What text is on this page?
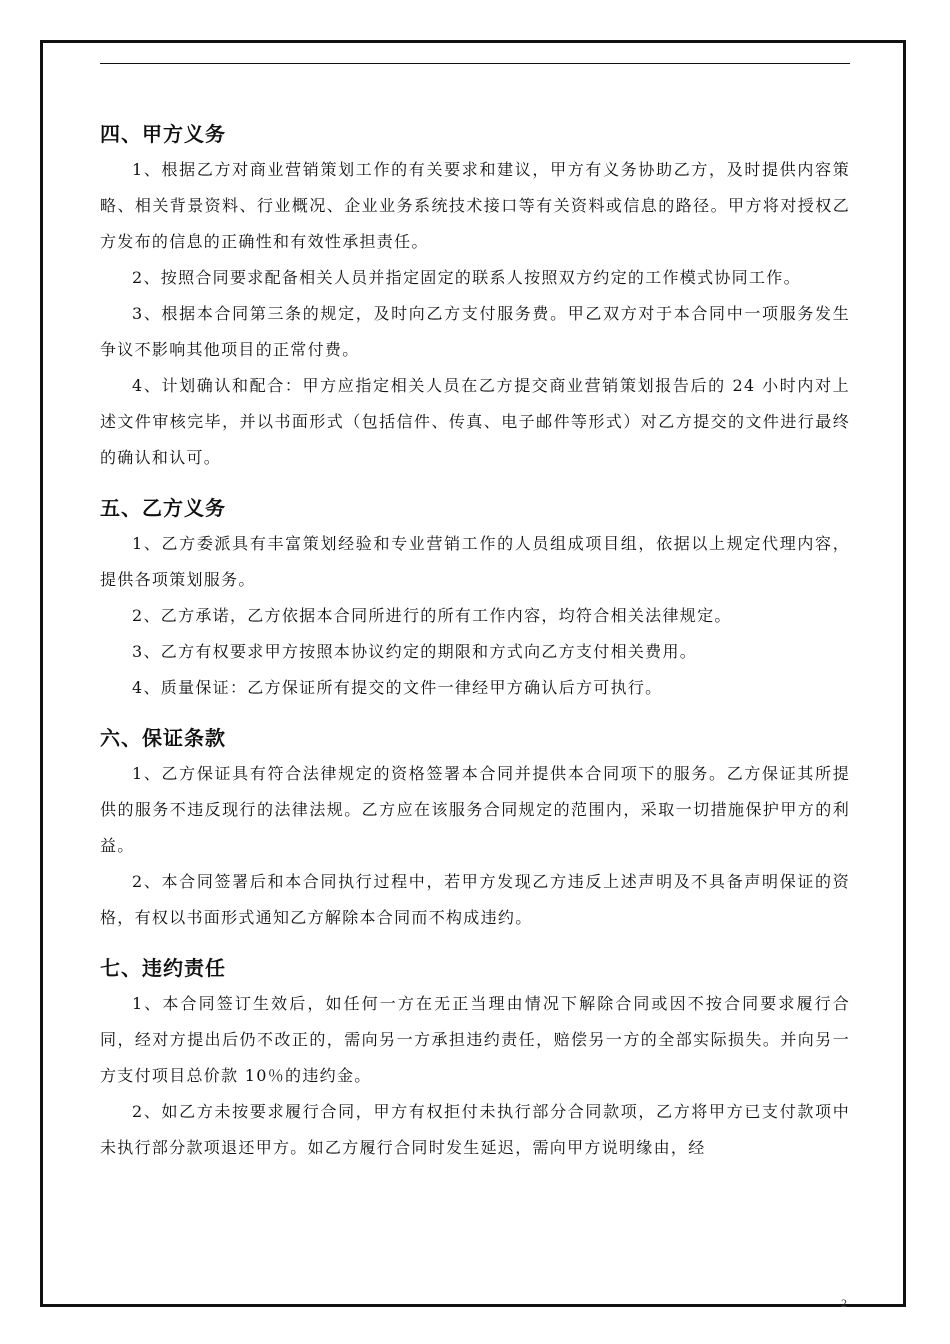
四、甲方义务

1、根据乙方对商业营销策划工作的有关要求和建议，甲方有义务协助乙方，及时提供内容策略、相关背景资料、行业概况、企业业务系统技术接口等有关资料或信息的路径。甲方将对授权乙方发布的信息的正确性和有效性承担责任。

2、按照合同要求配备相关人员并指定固定的联系人按照双方约定的工作模式协同工作。

3、根据本合同第三条的规定，及时向乙方支付服务费。甲乙双方对于本合同中一项服务发生争议不影响其他项目的正常付费。

4、计划确认和配合：甲方应指定相关人员在乙方提交商业营销策划报告后的 24 小时内对上述文件审核完毕，并以书面形式（包括信件、传真、电子邮件等形式）对乙方提交的文件进行最终的确认和认可。

五、乙方义务

1、乙方委派具有丰富策划经验和专业营销工作的人员组成项目组，依据以上规定代理内容，提供各项策划服务。

2、乙方承诺，乙方依据本合同所进行的所有工作内容，均符合相关法律规定。

3、乙方有权要求甲方按照本协议约定的期限和方式向乙方支付相关费用。

4、质量保证：乙方保证所有提交的文件一律经甲方确认后方可执行。

六、保证条款

1、乙方保证具有符合法律规定的资格签署本合同并提供本合同项下的服务。乙方保证其所提供的服务不违反现行的法律法规。乙方应在该服务合同规定的范围内，采取一切措施保护甲方的利益。

2、本合同签署后和本合同执行过程中，若甲方发现乙方违反上述声明及不具备声明保证的资格，有权以书面形式通知乙方解除本合同而不构成违约。

七、违约责任

1、本合同签订生效后，如任何一方在无正当理由情况下解除合同或因不按合同要求履行合同，经对方提出后仍不改正的，需向另一方承担违约责任，赔偿另一方的全部实际损失。并向另一方支付项目总价款 10％的违约金。

2、如乙方未按要求履行合同，甲方有权拒付未执行部分合同款项，乙方将甲方已支付款项中未执行部分款项退还甲方。如乙方履行合同时发生延迟，需向甲方说明缘由，经

2
